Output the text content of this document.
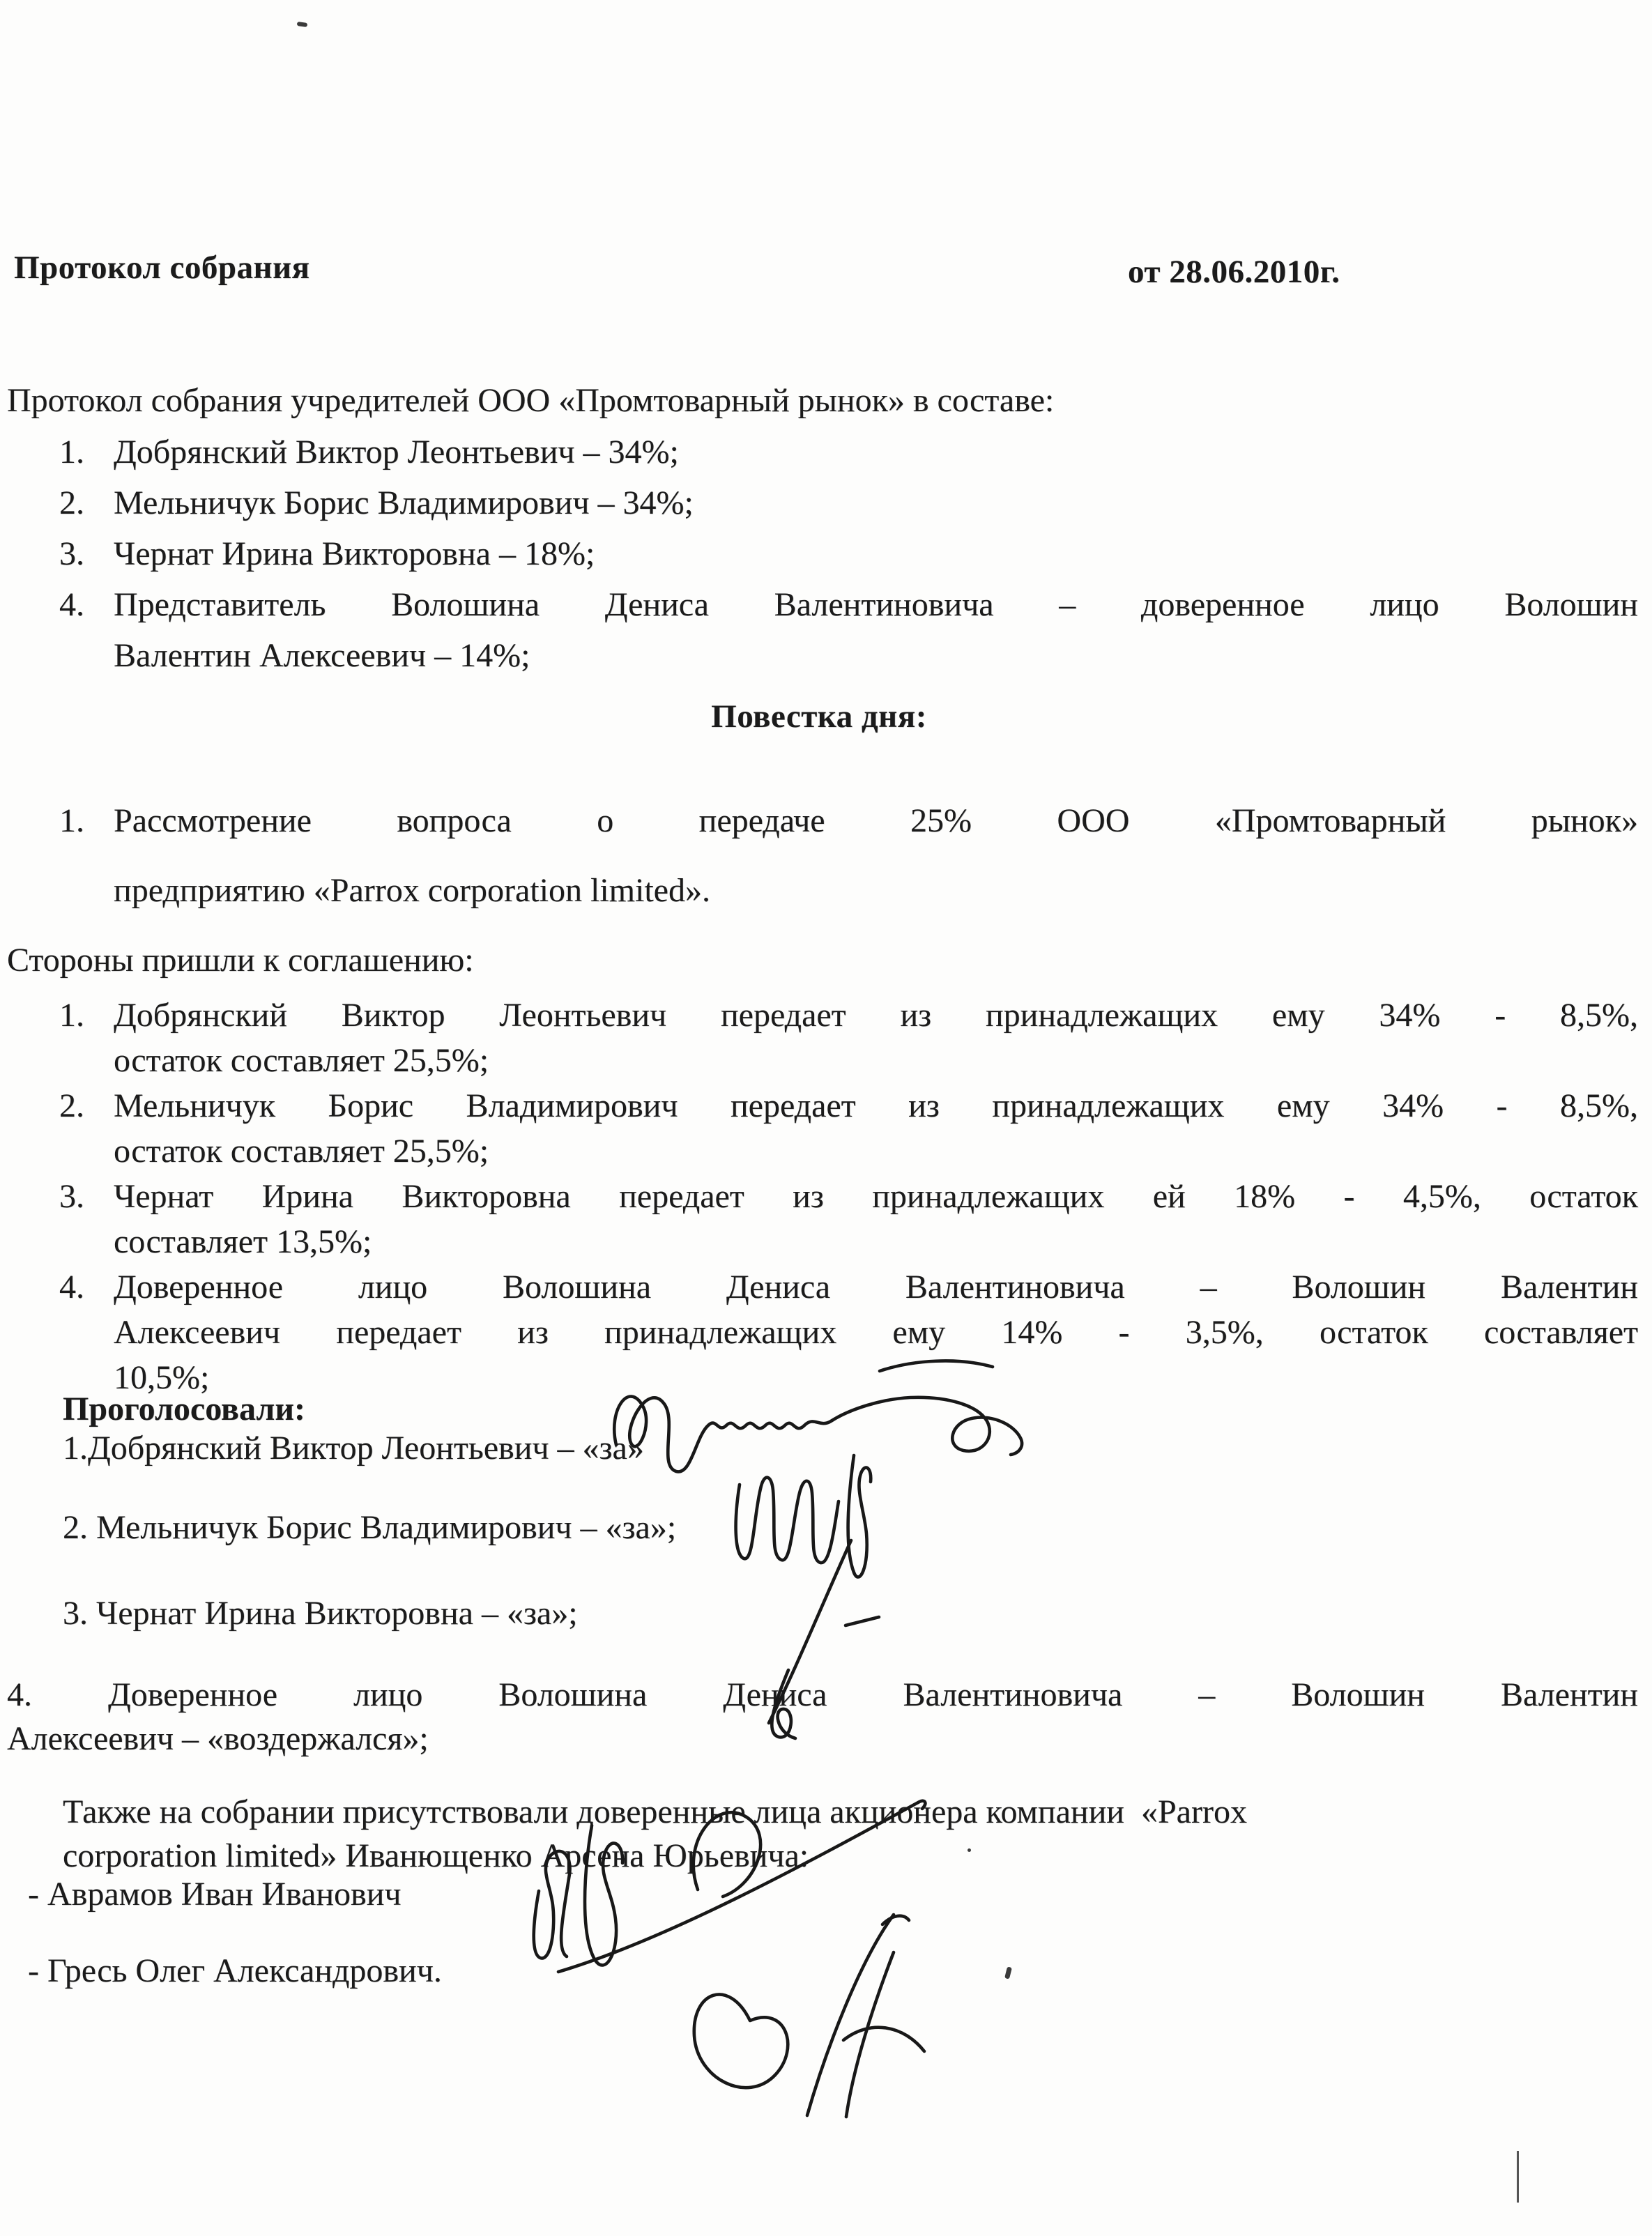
Протокол собрания	от 28.06.2010г.
Протокол собрания учредителей ООО «Промтоварный рынок» в составе:
1. Добрянский Виктор Леонтьевич – 34%;
2. Мельничук Борис Владимирович – 34%;
3. Чернат Ирина Викторовна – 18%;
4. Представитель Волошина Дениса Валентиновича – доверенное лицо Волошин
Валентин Алексеевич – 14%;
Повестка дня:
1. Рассмотрение вопроса о передаче 25% ООО «Промтоварный рынок»
предприятию «Parrox corporation limited».
Стороны пришли к соглашению:
1. Добрянский Виктор Леонтьевич передает из принадлежащих ему 34% - 8,5%,
остаток составляет 25,5%;
2. Мельничук Борис Владимирович передает из принадлежащих ему 34% - 8,5%,
остаток составляет 25,5%;
3. Чернат Ирина Викторовна передает из принадлежащих ей 18% - 4,5%, остаток
составляет 13,5%;
4. Доверенное лицо Волошина Дениса Валентиновича – Волошин Валентин
Алексеевич передает из принадлежащих ему 14% - 3,5%, остаток составляет
10,5%;
Проголосовали:
1.Добрянский Виктор Леонтьевич – «за»
2. Мельничук Борис Владимирович – «за»;
3. Чернат Ирина Викторовна – «за»;
4. Доверенное лицо Волошина Дениса Валентиновича – Волошин Валентин
Алексеевич – «воздержался»;
Также на собрании присутствовали доверенные лица акционера компании  «Parrox
corporation limited» Иванющенко Арсена Юрьевича:
- Аврамов Иван Иванович
- Гресь Олег Александрович.
